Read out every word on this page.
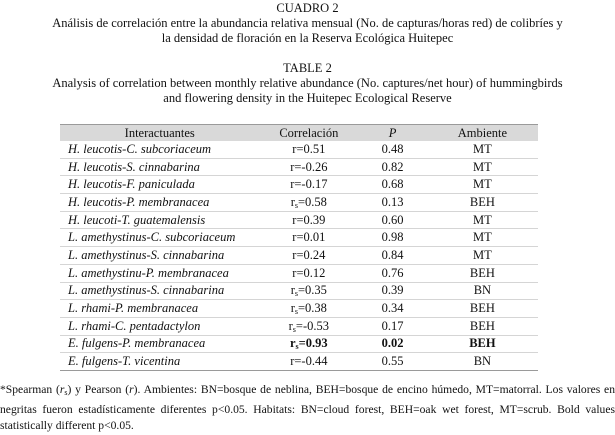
CUADRO 2
Análisis de correlación entre la abundancia relativa mensual (No. de capturas/horas red) de colibríes y
la densidad de floración en la Reserva Ecológica Huitepec
TABLE 2
Analysis of correlation between monthly relative abundance (No. captures/net hour) of hummingbirds
and flowering density in the Huitepec Ecological Reserve
Interactuantes	Correlación	P	Ambiente
H. leucotis-C. subcoriaceum	r=0.51	0.48	MT
H. leucotis-S. cinnabarina	r=-0.26	0.82	MT
H. leucotis-F. paniculada	r=-0.17	0.68	MT
H. leucotis-P. membranacea	$r_s=0.58$	0.13	BEH
H. leucoti-T. guatemalensis	r=0.39	0.60	MT
L. amethystinus-C. subcoriaceum	r=0.01	0.98	MT
L. amethystinus-S. cinnabarina	r=0.24	0.84	MT
L. amethystinu-P. membranacea	r=0.12	0.76	BEH
L. amethystinus-S. cinnabarina	$r_s=0.35$	0.39	BN
L. rhami-P. membranacea	$r_s=0.38$	0.34	BEH
L. rhami-C. pentadactylon	$r_s=-0.53$	0.17	BEH
E. fulgens-P. membranacea	$r_s=0.93$	0.02	BEH
E. fulgens-T. vicentina	r=-0.44	0.55	BN
*Spearman $(r_s)$ y Pearson (r). Ambientes: BN=bosque de neblina, BEH=bosque de encino húmedo, MT=matorral. Los valores en negritas fueron estadísticamente diferentes p<0.05. Habitats: BN=cloud forest, BEH=oak wet forest, MT=scrub. Bold values statistically different p<0.05.
